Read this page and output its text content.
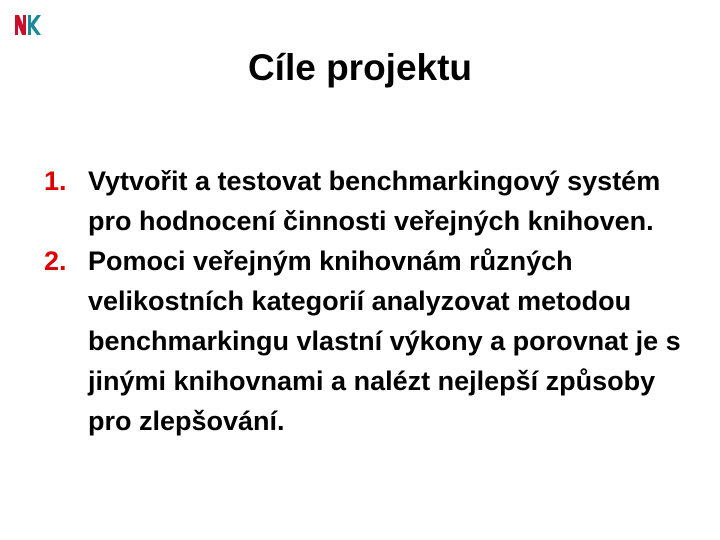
Cíle projektu
1. Vytvořit a testovat benchmarkingový systém pro hodnocení činnosti veřejných knihoven.
2. Pomoci veřejným knihovnám různých velikostních kategorií analyzovat metodou benchmarkingu vlastní výkony a porovnat je s jinými knihovnami a nalézt nejlepší způsoby pro zlepšování.
